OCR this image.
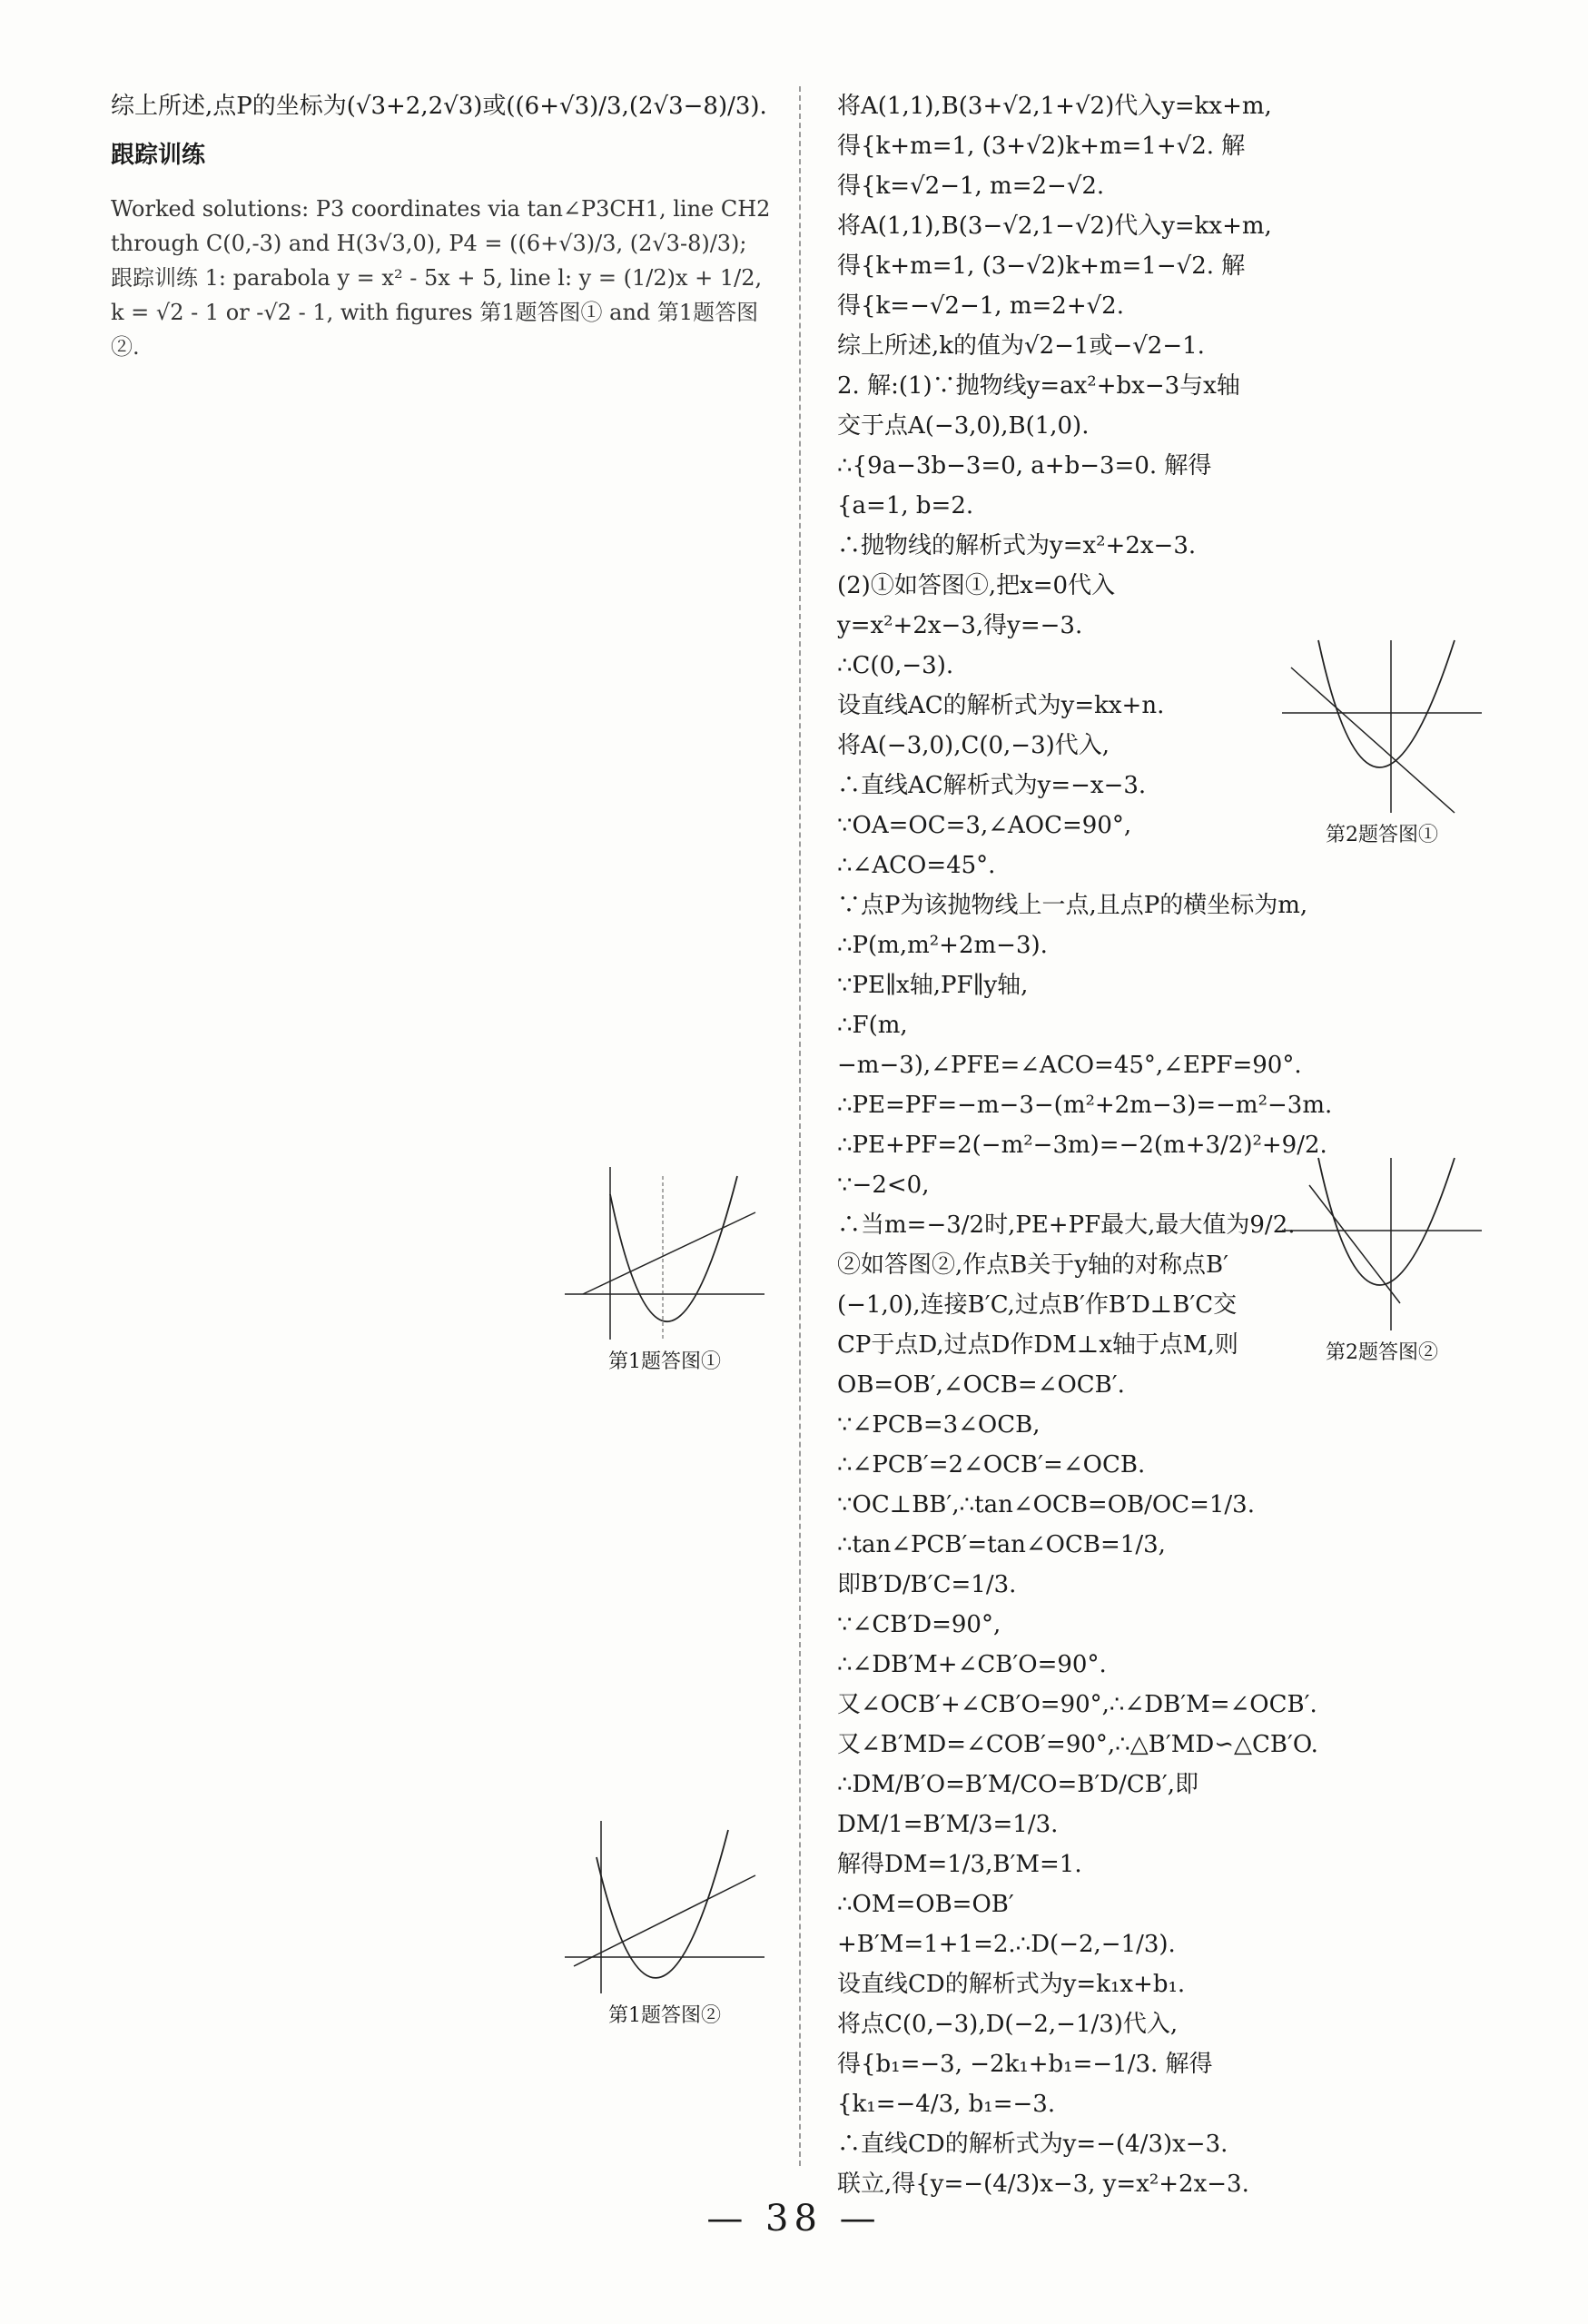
综上所述,点P的坐标为(√3+2,2√3)或((6+√3)/3,(2√3−8)/3).
跟踪训练
Worked solutions: P3 coordinates via tan∠P3CH1, line CH2 through C(0,-3) and H(3√3,0), P4 = ((6+√3)/3, (2√3-8)/3); 跟踪训练 1: parabola y = x² - 5x + 5, line l: y = (1/2)x + 1/2, k = √2 - 1 or -√2 - 1, with figures 第1题答图① and 第1题答图②.
第1题答图①
第1题答图②
将A(1,1),B(3+√2,1+√2)代入y=kx+m,
得{k+m=1, (3+√2)k+m=1+√2. 解得{k=√2−1, m=2−√2.
将A(1,1),B(3−√2,1−√2)代入y=kx+m,
得{k+m=1, (3−√2)k+m=1−√2. 解得{k=−√2−1, m=2+√2.
综上所述,k的值为√2−1或−√2−1.
2. 解:(1)∵抛物线y=ax²+bx−3与x轴交于点A(−3,0),B(1,0).
∴{9a−3b−3=0, a+b−3=0. 解得{a=1, b=2.
∴抛物线的解析式为y=x²+2x−3.
(2)①如答图①,把x=0代入y=x²+2x−3,得y=−3.
∴C(0,−3).
设直线AC的解析式为y=kx+n.
将A(−3,0),C(0,−3)代入,
∴直线AC解析式为y=−x−3.
∵OA=OC=3,∠AOC=90°,
∴∠ACO=45°.
∵点P为该抛物线上一点,且点P的横坐标为m,
∴P(m,m²+2m−3).
∵PE∥x轴,PF∥y轴,
∴F(m,−m−3),∠PFE=∠ACO=45°,∠EPF=90°.
∴PE=PF=−m−3−(m²+2m−3)=−m²−3m.
∴PE+PF=2(−m²−3m)=−2(m+3/2)²+9/2.
∵−2<0,
∴当m=−3/2时,PE+PF最大,最大值为9/2.
②如答图②,作点B关于y轴的对称点B′(−1,0),连接B′C,过点B′作B′D⊥B′C交CP于点D,过点D作DM⊥x轴于点M,则OB=OB′,∠OCB=∠OCB′.
∵∠PCB=3∠OCB,
∴∠PCB′=2∠OCB′=∠OCB.
∵OC⊥BB′,∴tan∠OCB=OB/OC=1/3.
∴tan∠PCB′=tan∠OCB=1/3,
即B′D/B′C=1/3.
∵∠CB′D=90°,
∴∠DB′M+∠CB′O=90°.
又∠OCB′+∠CB′O=90°,∴∠DB′M=∠OCB′.
又∠B′MD=∠COB′=90°,∴△B′MD∽△CB′O.
∴DM/B′O=B′M/CO=B′D/CB′,即DM/1=B′M/3=1/3.
解得DM=1/3,B′M=1.
∴OM=OB=OB′+B′M=1+1=2.∴D(−2,−1/3).
设直线CD的解析式为y=k₁x+b₁.
将点C(0,−3),D(−2,−1/3)代入,
得{b₁=−3, −2k₁+b₁=−1/3. 解得{k₁=−4/3, b₁=−3.
∴直线CD的解析式为y=−(4/3)x−3.
联立,得{y=−(4/3)x−3, y=x²+2x−3.
第2题答图①
第2题答图②
— 38 —
